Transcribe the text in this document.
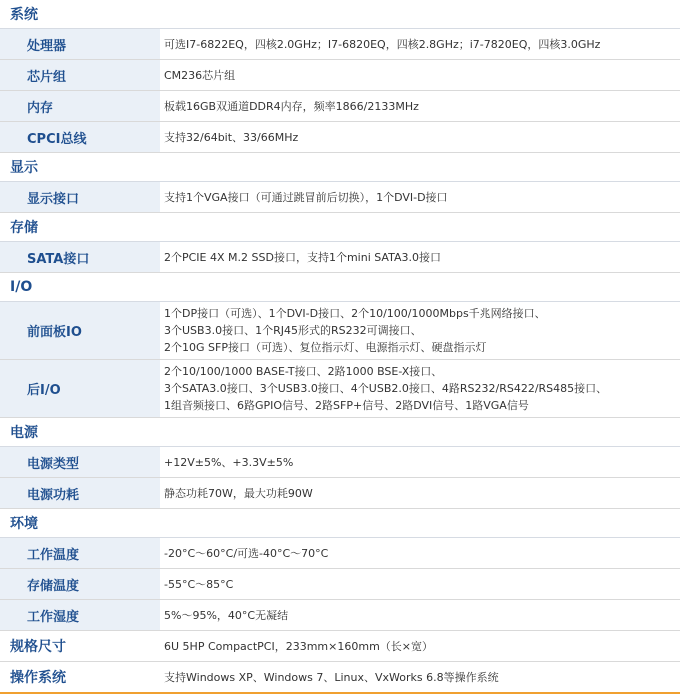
系统	
处理器	可选I7-6822EQ，四核2.0GHz；I7-6820EQ，四核2.8GHz；i7-7820EQ，四核3.0GHz
芯片组	CM236芯片组
内存	板载16GB双通道DDR4内存，频率1866/2133MHz
CPCI总线	支持32/64bit、33/66MHz
显示	
显示接口	支持1个VGA接口（可通过跳冒前后切换），1个DVI-D接口
存储	
SATA接口	2个PCIE 4X M.2 SSD接口，支持1个mini SATA3.0接口
I/O	
前面板IO	1个DP接口（可选）、1个DVI-D接口、2个10/100/1000Mbps千兆网络接口、
3个USB3.0接口、1个RJ45形式的RS232可调接口、
2个10G SFP接口（可选）、复位指示灯、电源指示灯、硬盘指示灯

后I/O	2个10/100/1000 BASE-T接口、2路1000 BSE-X接口、
3个SATA3.0接口、3个USB3.0接口、4个USB2.0接口、4路RS232/RS422/RS485接口、
1组音频接口、6路GPIO信号、2路SFP+信号、2路DVI信号、1路VGA信号

电源	
电源类型	+12V±5%、+3.3V±5%
电源功耗	静态功耗70W，最大功耗90W
环境	
工作温度	-20°C～60°C/可选-40°C～70°C
存储温度	-55°C～85°C
工作湿度	5%～95%，40°C无凝结
规格尺寸	6U 5HP CompactPCI，233mm×160mm（长×宽）
操作系统	支持Windows XP、Windows 7、Linux、VxWorks 6.8等操作系统
